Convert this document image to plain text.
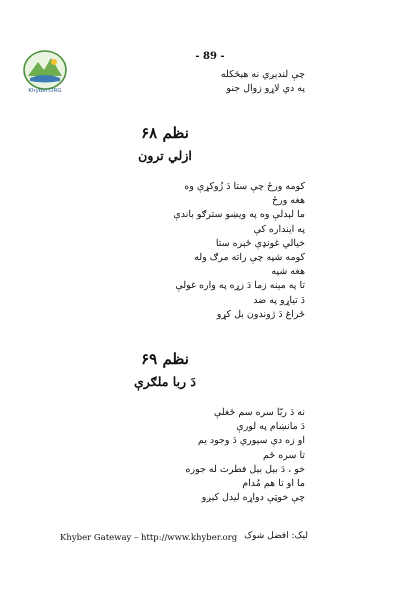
- 89 -
Khyber.ORG
چې لندېږي نه هېڅکله
په دي لاړو زوال جنو
نظم ۶۸
ازلي ترون
کومه ورځ چې ستا دَ زُوکړې وه
هغه ورځ
ما لېدلې وه په ويښو سترګو باندې
په اينداره کې
خيالي غونډې ځېره ستا
کومه شپه چې راته مرګ وله
هغه شپه
تا په مينه زما دَ زړه په واره غولې
دَ تياړو په ضد
ځراغ دَ ژوندون بل کړو
نظم ۶۹
دَ ربا ملګرې
نه دَ ربّا سره سم ځغلې
دَ مانښام په لورې
او زه دې سيوري دَ وجود يم
تا سره ځم
خو ، دَ بېل بېل فطرت له جوره
ما او تا هم مُدام
چې خوټې دواړه ليدل کېږو
Khyber Gateway – http://www.khyber.org ليک: افضل شوک
